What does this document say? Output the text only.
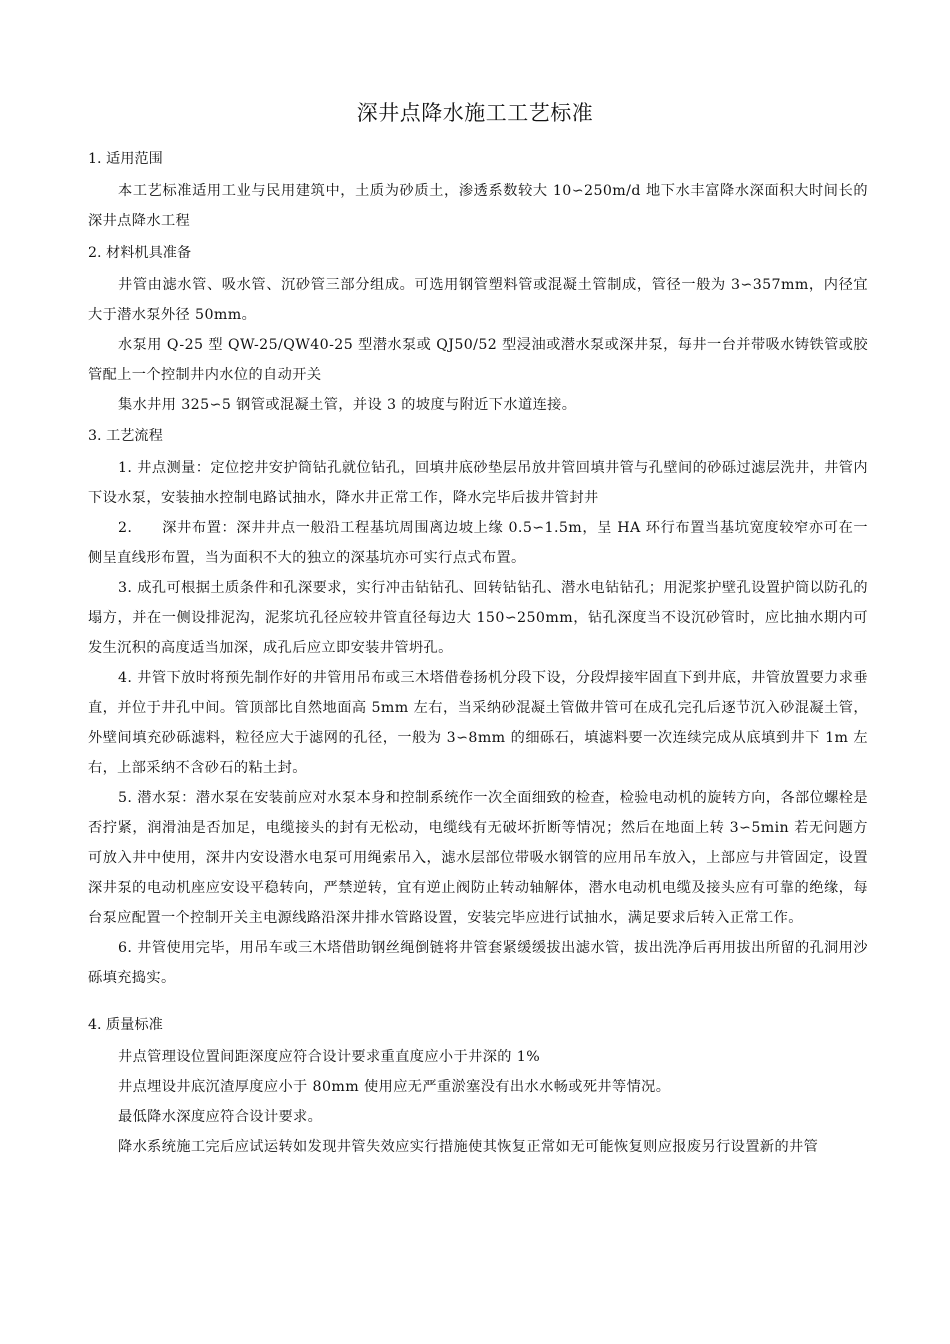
深井点降水施工工艺标准
1. 适用范围

本工艺标准适用工业与民用建筑中，土质为砂质土，渗透系数较大 10∽250m/d 地下水丰富降水深面积大时间长的深井点降水工程

2. 材料机具准备

井管由滤水管、吸水管、沉砂管三部分组成。可选用钢管塑料管或混凝土管制成，管径一般为 3∽357mm，内径宜大于潜水泵外径 50mm。

水泵用 Q-25 型 QW-25/QW40-25 型潜水泵或 QJ50/52 型浸油或潜水泵或深井泵，每井一台并带吸水铸铁管或胶管配上一个控制井内水位的自动开关

集水井用 325∽5 钢管或混凝土管，并设 3 的坡度与附近下水道连接。

3. 工艺流程

1. 井点测量：定位挖井安护筒钻孔就位钻孔，回填井底砂垫层吊放井管回填井管与孔壁间的砂砾过滤层洗井，井管内下设水泵，安装抽水控制电路试抽水，降水井正常工作，降水完毕后拔井管封井

2.　　深井布置：深井井点一般沿工程基坑周围离边坡上缘 0.5∽1.5m，呈 HA 环行布置当基坑宽度较窄亦可在一侧呈直线形布置，当为面积不大的独立的深基坑亦可实行点式布置。

3. 成孔可根据土质条件和孔深要求，实行冲击钻钻孔、回转钻钻孔、潜水电钻钻孔；用泥浆护壁孔设置护筒以防孔的塌方，并在一侧设排泥沟，泥浆坑孔径应较井管直径每边大 150∽250mm，钻孔深度当不设沉砂管时，应比抽水期内可发生沉积的高度适当加深，成孔后应立即安装井管坍孔。

4. 井管下放时将预先制作好的井管用吊布或三木塔借卷扬机分段下设，分段焊接牢固直下到井底，井管放置要力求垂直，并位于井孔中间。管顶部比自然地面高 5mm 左右，当采纳砂混凝土管做井管可在成孔完孔后逐节沉入砂混凝土管，外壁间填充砂砾滤料，粒径应大于滤网的孔径，一般为 3∽8mm 的细砾石，填滤料要一次连续完成从底填到井下 1m 左右，上部采纳不含砂石的粘土封。

5. 潜水泵：潜水泵在安装前应对水泵本身和控制系统作一次全面细致的检查，检验电动机的旋转方向，各部位螺栓是否拧紧，润滑油是否加足，电缆接头的封有无松动，电缆线有无破坏折断等情况；然后在地面上转 3∽5min 若无问题方可放入井中使用，深井内安设潜水电泵可用绳索吊入，滤水层部位带吸水钢管的应用吊车放入，上部应与井管固定，设置深井泵的电动机座应安设平稳转向，严禁逆转，宜有逆止阀防止转动轴解体，潜水电动机电缆及接头应有可靠的绝缘，每台泵应配置一个控制开关主电源线路沿深井排水管路设置，安装完毕应进行试抽水，满足要求后转入正常工作。

6. 井管使用完毕，用吊车或三木塔借助钢丝绳倒链将井管套紧缓缓拔出滤水管，拔出洗净后再用拔出所留的孔洞用沙砾填充捣实。

4. 质量标准

井点管理设位置间距深度应符合设计要求重直度应小于井深的 1%

井点埋设井底沉渣厚度应小于 80mm 使用应无严重淤塞没有出水水畅或死井等情况。

最低降水深度应符合设计要求。

降水系统施工完后应试运转如发现井管失效应实行措施使其恢复正常如无可能恢复则应报废另行设置新的井管
